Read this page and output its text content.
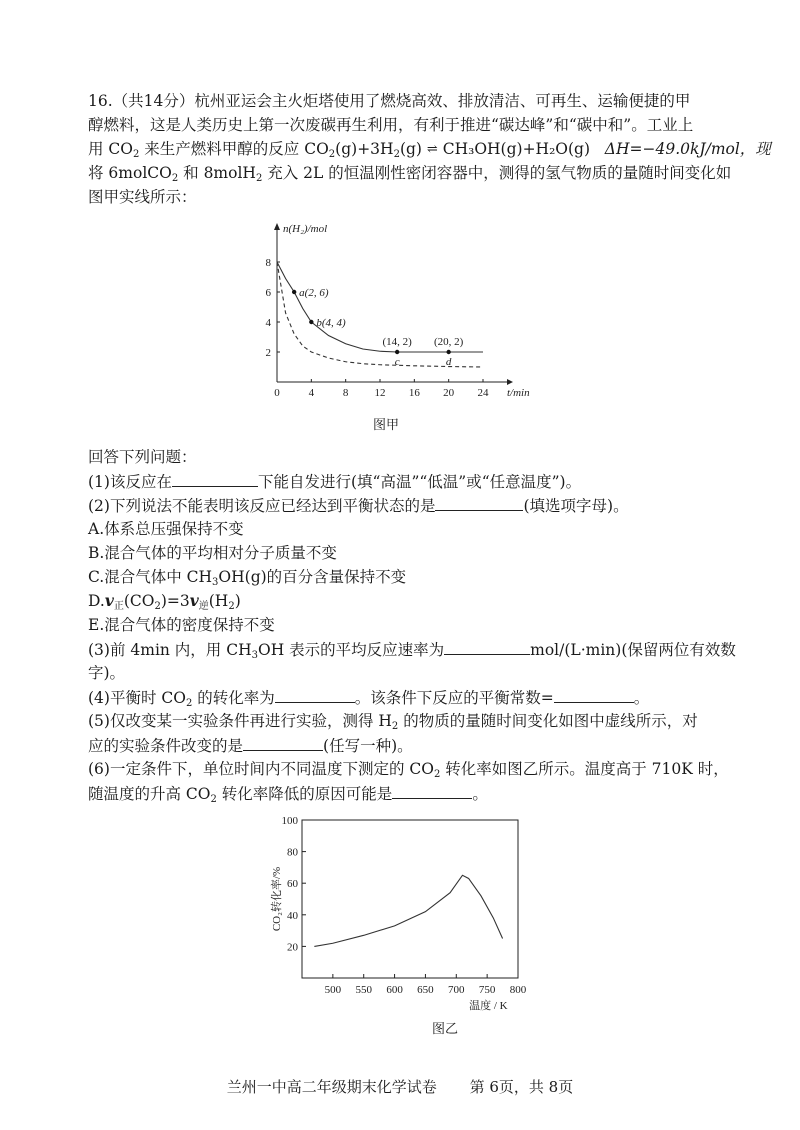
16.（共14分）杭州亚运会主火炬塔使用了燃烧高效、排放清洁、可再生、运输便捷的甲
醇燃料，这是人类历史上第一次废碳再生利用，有利于推进“碳达峰”和“碳中和”。工业上
用 $CO_2$ 来生产燃料甲醇的反应 $CO_2(g)+3H_2(g)$ ⇌ CH₃OH(g)+H₂O(g) ΔH=−49.0kJ/mol，现
将 6molCO$_2$ 和 8molH$_2$ 充入 2L 的恒温刚性密闭容器中，测得的氢气物质的量随时间变化如
图甲实线所示：
0	4	8 12 16 20 24
2
4
6
8
n(H₂)/mol
t/min
a(2, 6)
b(4, 4)
(14, 2)
c
(20, 2)
d
图甲
回答下列问题：
(1)该反应在	下能自发进行(填“高温”“低温”或“任意温度”)。
(2)下列说法不能表明该反应已经达到平衡状态的是	(填选项字母)。
A.体系总压强保持不变
B.混合气体的平均相对分子质量不变
C.混合气体中 $CH_3OH(g)$的百分含量保持不变
$D.v_正(CO_2)=3v_逆(H_2)$
E.混合气体的密度保持不变
(3)前 4min 内，用 $CH_3OH$ 表示的平均反应速率为	mol/(L·min)(保留两位有效数
字)。
(4)平衡时 $CO_2$ 的转化率为	。该条件下反应的平衡常数=	。
(5)仅改变某一实验条件再进行实验，测得 $H_2$ 的物质的量随时间变化如图中虚线所示，对
应的实验条件改变的是	(任写一种)。
(6)一定条件下，单位时间内不同温度下测定的 $CO_2$ 转化率如图乙所示。温度高于 710K 时，
随温度的升高 $CO_2$ 转化率降低的原因可能是	。
500 550 600 650 700 750 800
20
40
60
80
100
CO₂转化率/%
温度 / K
图乙
兰州一中高二年级期末化学试卷 第 6页，共 8页
